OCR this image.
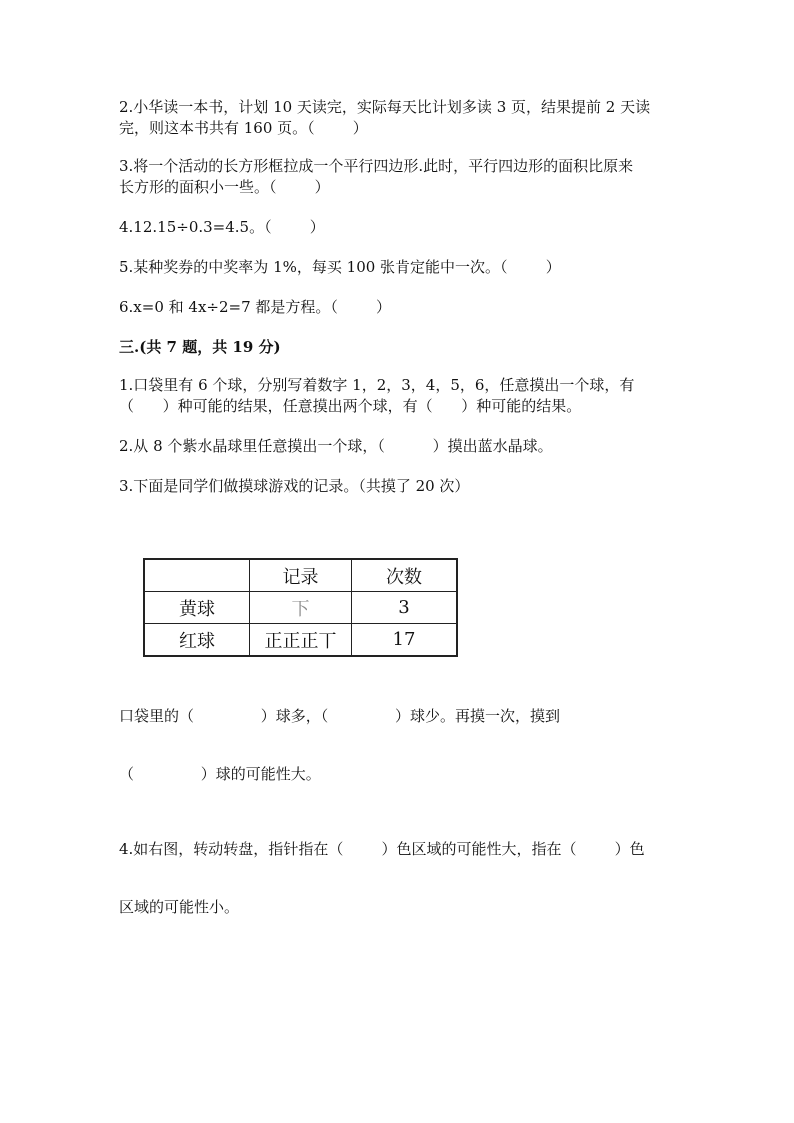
2.小华读一本书，计划 10 天读完，实际每天比计划多读 3 页，结果提前 2 天读

完，则这本书共有 160 页。（        ）

3.将一个活动的长方形框拉成一个平行四边形.此时，平行四边形的面积比原来

长方形的面积小一些。（        ）

4.12.15÷0.3=4.5。（        ）

5.某种奖券的中奖率为 1%，每买 100 张肯定能中一次。（        ）

6.x=0 和 4x÷2=7 都是方程。（        ）

三.(共 7 题，共 19 分)

1.口袋里有 6 个球，分别写着数字 1，2，3，4，5，6，任意摸出一个球，有

（      ）种可能的结果，任意摸出两个球，有（      ）种可能的结果。

2.从 8 个紫水晶球里任意摸出一个球，（          ）摸出蓝水晶球。

3.下面是同学们做摸球游戏的记录。（共摸了 20 次）

	记录	次数
黄球	下	3
红球	正正正丅	17

口袋里的（              ）球多，（              ）球少。再摸一次，摸到

（              ）球的可能性大。

4.如右图，转动转盘，指针指在（        ）色区域的可能性大，指在（        ）色

区域的可能性小。
